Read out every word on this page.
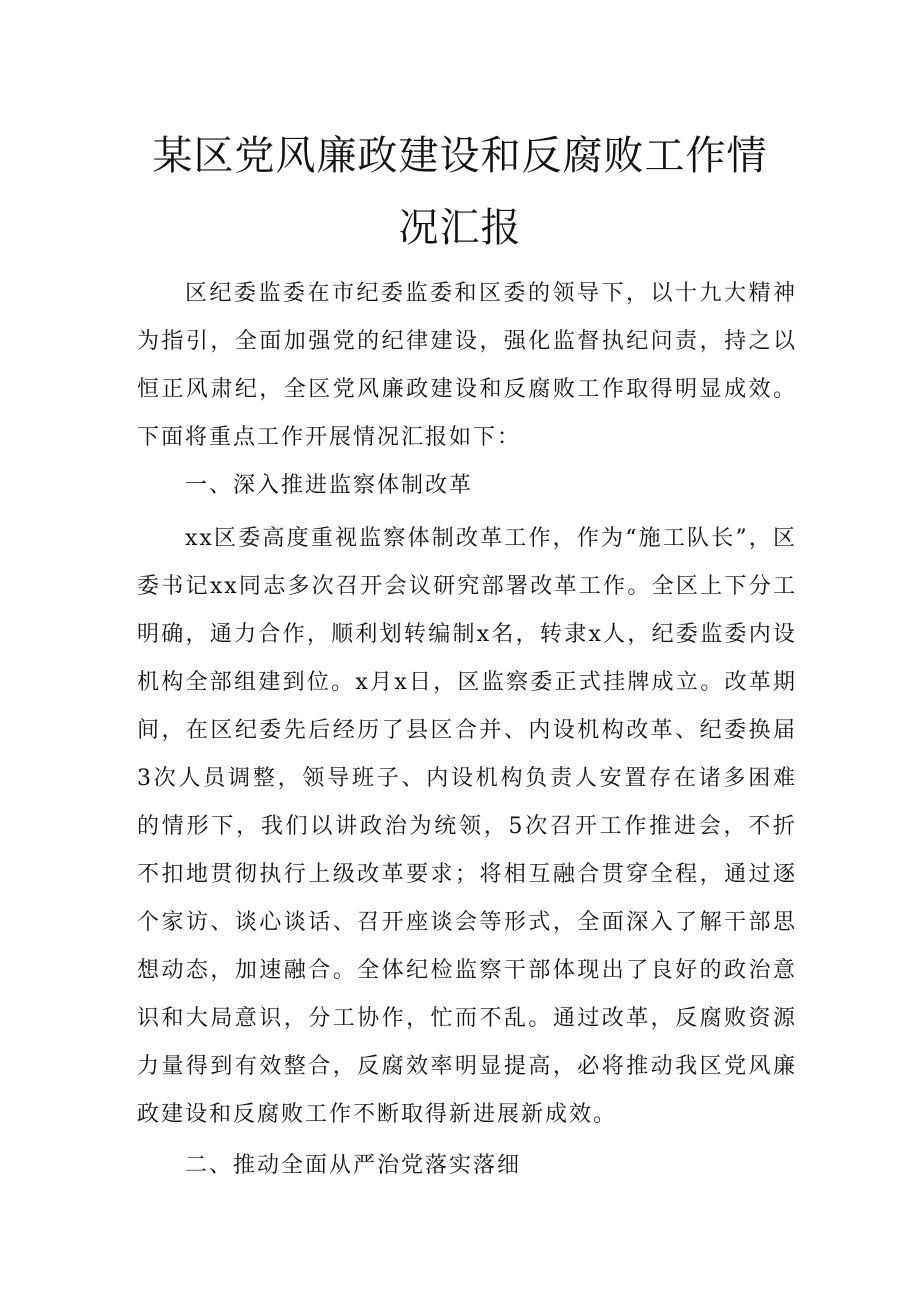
某区党风廉政建设和反腐败工作情
况汇报

区纪委监委在市纪委监委和区委的领导下，以十九大精神为指引，全面加强党的纪律建设，强化监督执纪问责，持之以恒正风肃纪，全区党风廉政建设和反腐败工作取得明显成效。下面将重点工作开展情况汇报如下：

一、深入推进监察体制改革

xx区委高度重视监察体制改革工作，作为“施工队长”，区委书记xx同志多次召开会议研究部署改革工作。全区上下分工明确，通力合作，顺利划转编制x名，转隶x人，纪委监委内设机构全部组建到位。x月x日，区监察委正式挂牌成立。改革期间，在区纪委先后经历了县区合并、内设机构改革、纪委换届3次人员调整，领导班子、内设机构负责人安置存在诸多困难的情形下，我们以讲政治为统领，5次召开工作推进会，不折不扣地贯彻执行上级改革要求；将相互融合贯穿全程，通过逐个家访、谈心谈话、召开座谈会等形式，全面深入了解干部思想动态，加速融合。全体纪检监察干部体现出了良好的政治意识和大局意识，分工协作，忙而不乱。通过改革，反腐败资源力量得到有效整合，反腐效率明显提高，必将推动我区党风廉政建设和反腐败工作不断取得新进展新成效。

二、推动全面从严治党落实落细
